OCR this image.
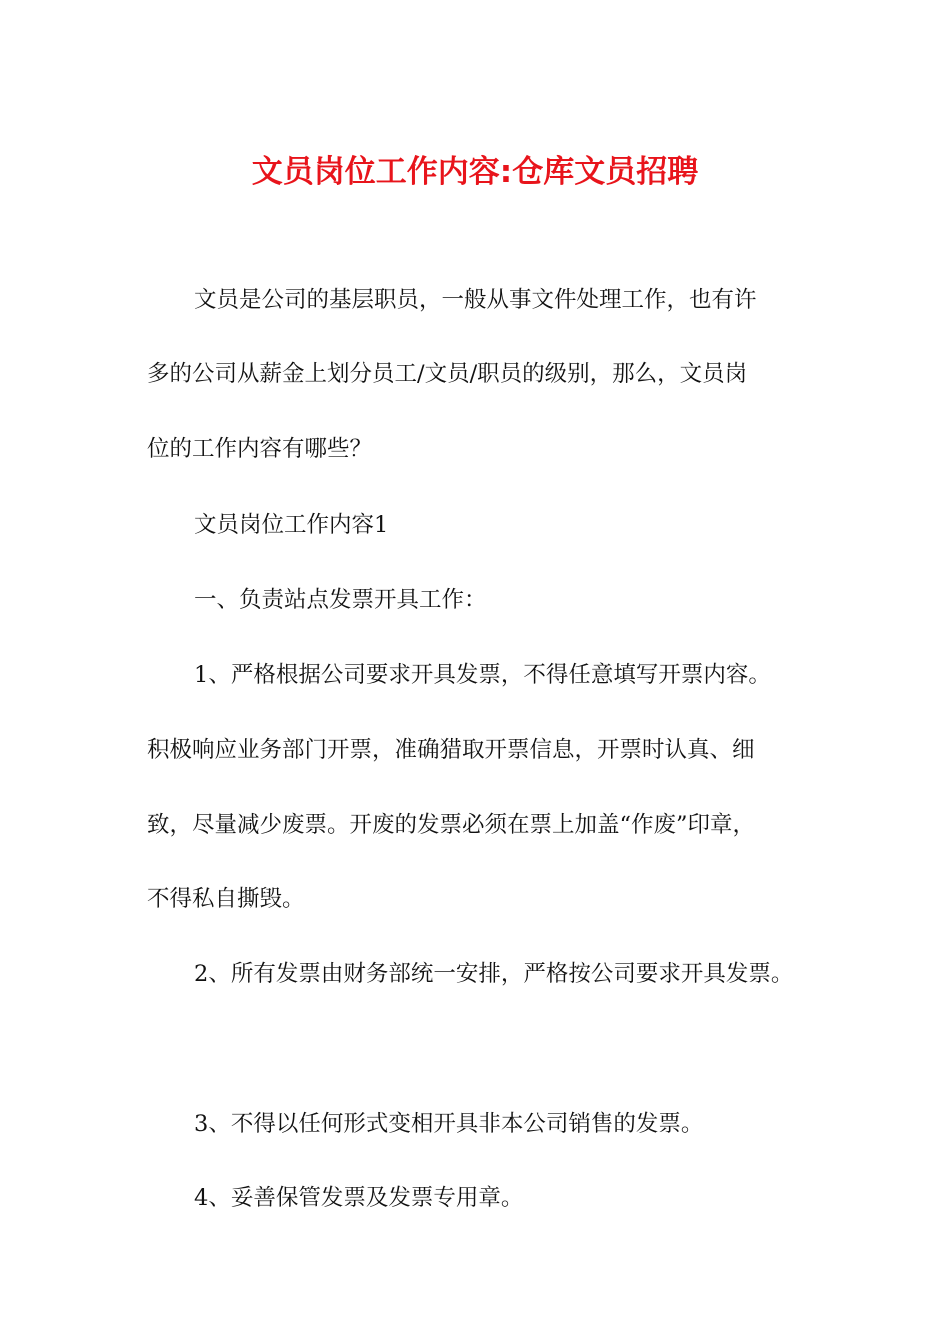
文员岗位工作内容:仓库文员招聘

文员是公司的基层职员，一般从事文件处理工作，也有许

多的公司从薪金上划分员工/文员/职员的级别，那么，文员岗

位的工作内容有哪些？

文员岗位工作内容1

一、负责站点发票开具工作：

1、严格根据公司要求开具发票，不得任意填写开票内容。

积极响应业务部门开票，准确猎取开票信息，开票时认真、细

致，尽量减少废票。开废的发票必须在票上加盖“作废”印章，

不得私自撕毁。

2、所有发票由财务部统一安排，严格按公司要求开具发票。

3、不得以任何形式变相开具非本公司销售的发票。

4、妥善保管发票及发票专用章。
